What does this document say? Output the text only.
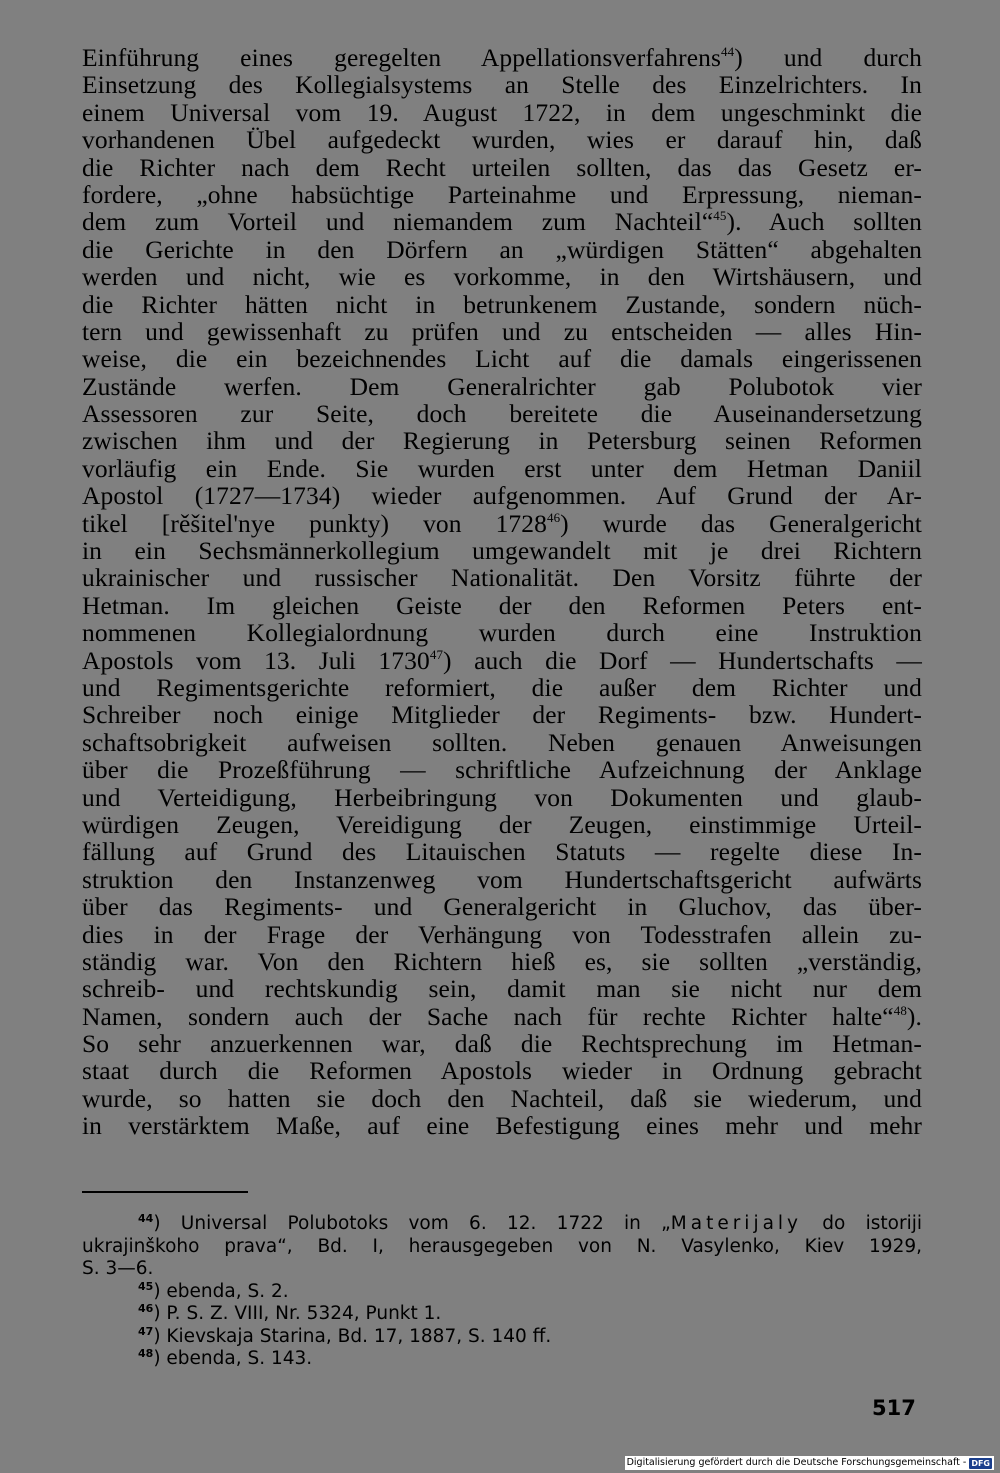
Einführung eines geregelten Appellationsverfahrens$^{44}$) und durch
Einsetzung des Kollegialsystems an Stelle des Einzelrichters. In
einem Universal vom 19. August 1722, in dem ungeschminkt die
vorhandenen Übel aufgedeckt wurden, wies er darauf hin, daß
die Richter nach dem Recht urteilen sollten, das das Gesetz er-
fordere, „ohne habsüchtige Parteinahme und Erpressung, nieman-
dem zum Vorteil und niemandem zum Nachteil“$^{45}$). Auch sollten
die Gerichte in den Dörfern an „würdigen Stätten“ abgehalten
werden und nicht, wie es vorkomme, in den Wirtshäusern, und
die Richter hätten nicht in betrunkenem Zustande, sondern nüch-
tern und gewissenhaft zu prüfen und zu entscheiden — alles Hin-
weise, die ein bezeichnendes Licht auf die damals eingerissenen
Zustände werfen. Dem Generalrichter gab Polubotok vier
Assessoren zur Seite, doch bereitete die Auseinandersetzung
zwischen ihm und der Regierung in Petersburg seinen Reformen
vorläufig ein Ende. Sie wurden erst unter dem Hetman Daniil
Apostol (1727—1734) wieder aufgenommen. Auf Grund der Ar-
tikel [rěšitel'nye punkty) von 1728$^{46}$) wurde das Generalgericht
in ein Sechsmännerkollegium umgewandelt mit je drei Richtern
ukrainischer und russischer Nationalität. Den Vorsitz führte der
Hetman. Im gleichen Geiste der den Reformen Peters ent-
nommenen Kollegialordnung wurden durch eine Instruktion
Apostols vom 13. Juli 1730$^{47}$) auch die Dorf — Hundertschafts —
und Regimentsgerichte reformiert, die außer dem Richter und
Schreiber noch einige Mitglieder der Regiments- bzw. Hundert-
schaftsobrigkeit aufweisen sollten. Neben genauen Anweisungen
über die Prozeßführung — schriftliche Aufzeichnung der Anklage
und Verteidigung, Herbeibringung von Dokumenten und glaub-
würdigen Zeugen, Vereidigung der Zeugen, einstimmige Urteil-
fällung auf Grund des Litauischen Statuts — regelte diese In-
struktion den Instanzenweg vom Hundertschaftsgericht aufwärts
über das Regiments- und Generalgericht in Gluchov, das über-
dies in der Frage der Verhängung von Todesstrafen allein zu-
ständig war. Von den Richtern hieß es, sie sollten „verständig,
schreib- und rechtskundig sein, damit man sie nicht nur dem
Namen, sondern auch der Sache nach für rechte Richter halte“$^{48}$).
So sehr anzuerkennen war, daß die Rechtsprechung im Hetman-
staat durch die Reformen Apostols wieder in Ordnung gebracht
wurde, so hatten sie doch den Nachteil, daß sie wiederum, und
in verstärktem Maße, auf eine Befestigung eines mehr und mehr
$^{44}$) Universal Polubotoks vom 6. 12. 1722 in „Materijaly do istoriji
ukrajinškoho prava“, Bd. I, herausgegeben von N. Vasylenko, Kiev 1929,
S. 3—6.
$^{45}$) ebenda, S. 2.
$^{46}$) P. S. Z. VIII, Nr. 5324, Punkt 1.
$^{47}$) Kievskaja Starina, Bd. 17, 1887, S. 140 ff.
$^{48}$) ebenda, S. 143.
517
Digitalisierung gefördert durch die Deutsche Forschungsgemeinschaft - DFG
